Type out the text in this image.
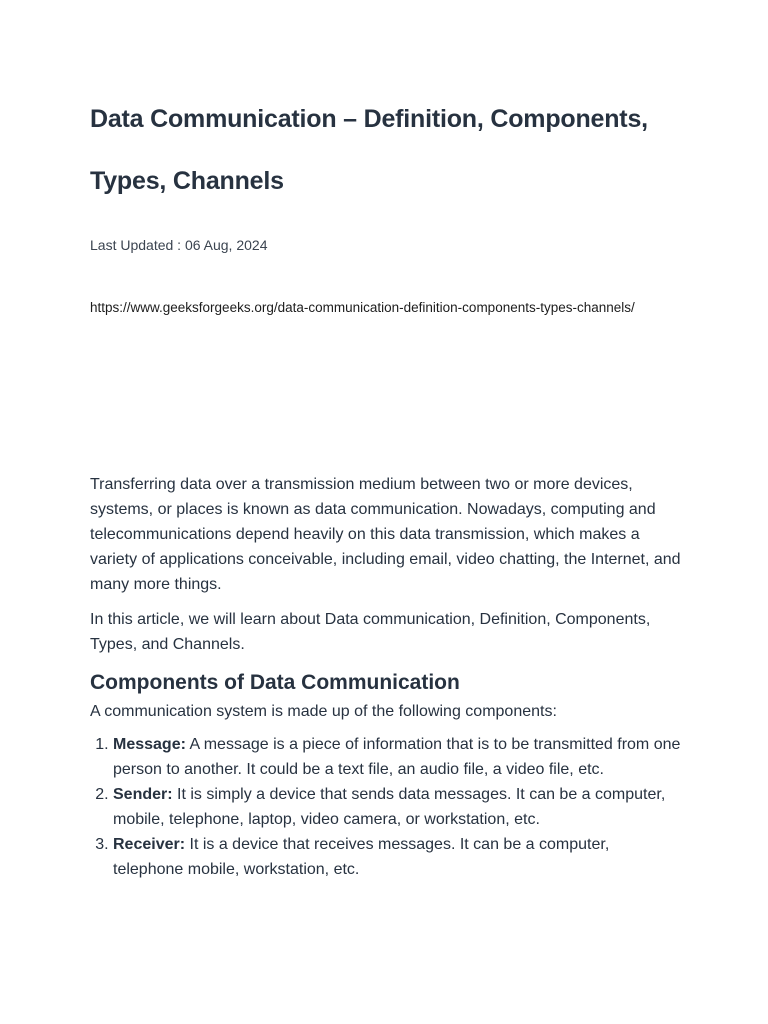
Data Communication – Definition, Components, Types, Channels
Last Updated : 06 Aug, 2024
https://www.geeksforgeeks.org/data-communication-definition-components-types-channels/

Transferring data over a transmission medium between two or more devices, systems, or places is known as data communication. Nowadays, computing and telecommunications depend heavily on this data transmission, which makes a variety of applications conceivable, including email, video chatting, the Internet, and many more things.

In this article, we will learn about Data communication, Definition, Components, Types, and Channels.

Components of Data Communication

A communication system is made up of the following components:

1. Message: A message is a piece of information that is to be transmitted from one person to another. It could be a text file, an audio file, a video file, etc.
2. Sender: It is simply a device that sends data messages. It can be a computer, mobile, telephone, laptop, video camera, or workstation, etc.
3. Receiver: It is a device that receives messages. It can be a computer, telephone mobile, workstation, etc.
